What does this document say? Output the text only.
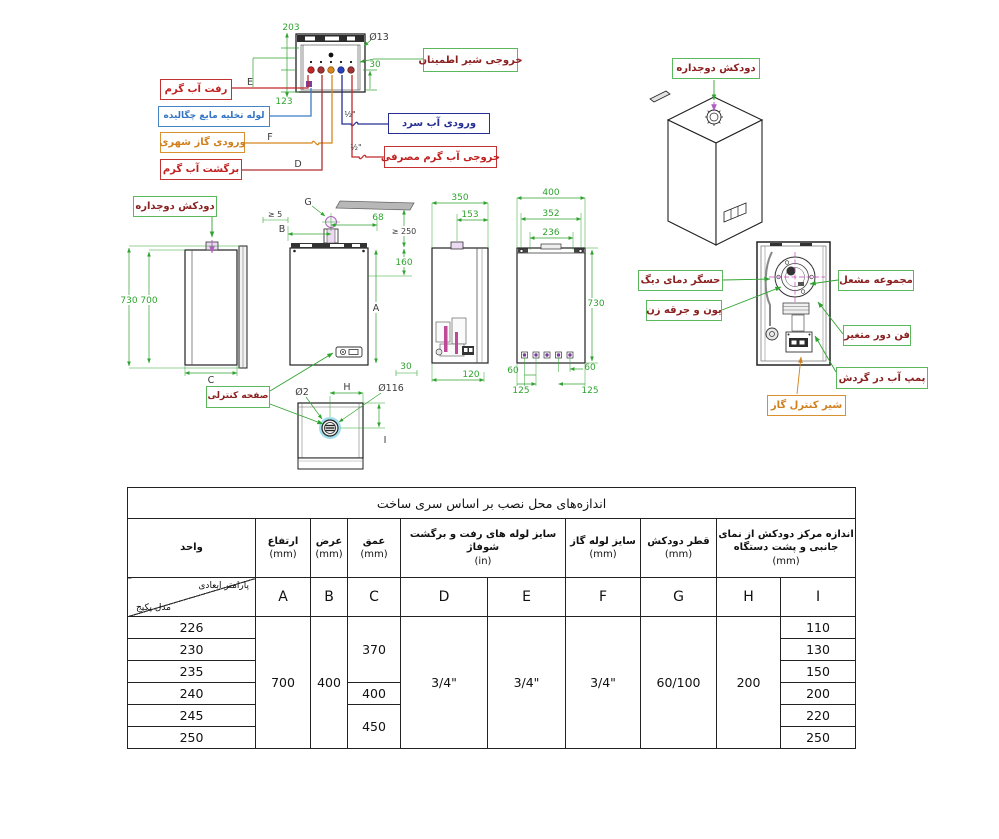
203
123
Ø13
30
E
F
D
½"
½"
730 700
C
G
≥ 5
B
68
≥ 250
160
A
30
350
153
120
730
400
352
236
60	60
125	125
Ø2	H	Ø116
I
خروجی شیر اطمینان
رفت آب گرم
لوله تخلیه مایع چگالیده
ورودی آب سرد
ورودی گاز شهری
خروجی آب گرم مصرفی
برگشت آب گرم
دودکش دوجداره
دودکش دوجداره
صفحه کنترلی
حسگر دمای دیگ
یون و جرقه زن
مجموعه مشعل
فن دور متغیر
پمپ آب در گردش
شیر کنترل گاز
اندازه‌های محل نصب بر اساس سری ساخت									
واحد	
ارتفاع
(mm)

عرض
(mm)

عمق
(mm)

سایز لوله های رفت و برگشت شوفاژ
(in)

سایز لوله گاز
(mm)

قطر دودکش
(mm)

اندازه مرکز دودکش از نمای جانبی و پشت دستگاه
(mm)

پارامتر ابعادی
مدل پکیج	A	B	C	D	E	F	G	H	I
226	700	400	370	3/4"	3/4"	3/4"	60/100	200	110
230									130
235									150
240			400						200
245			450						220
250									250
